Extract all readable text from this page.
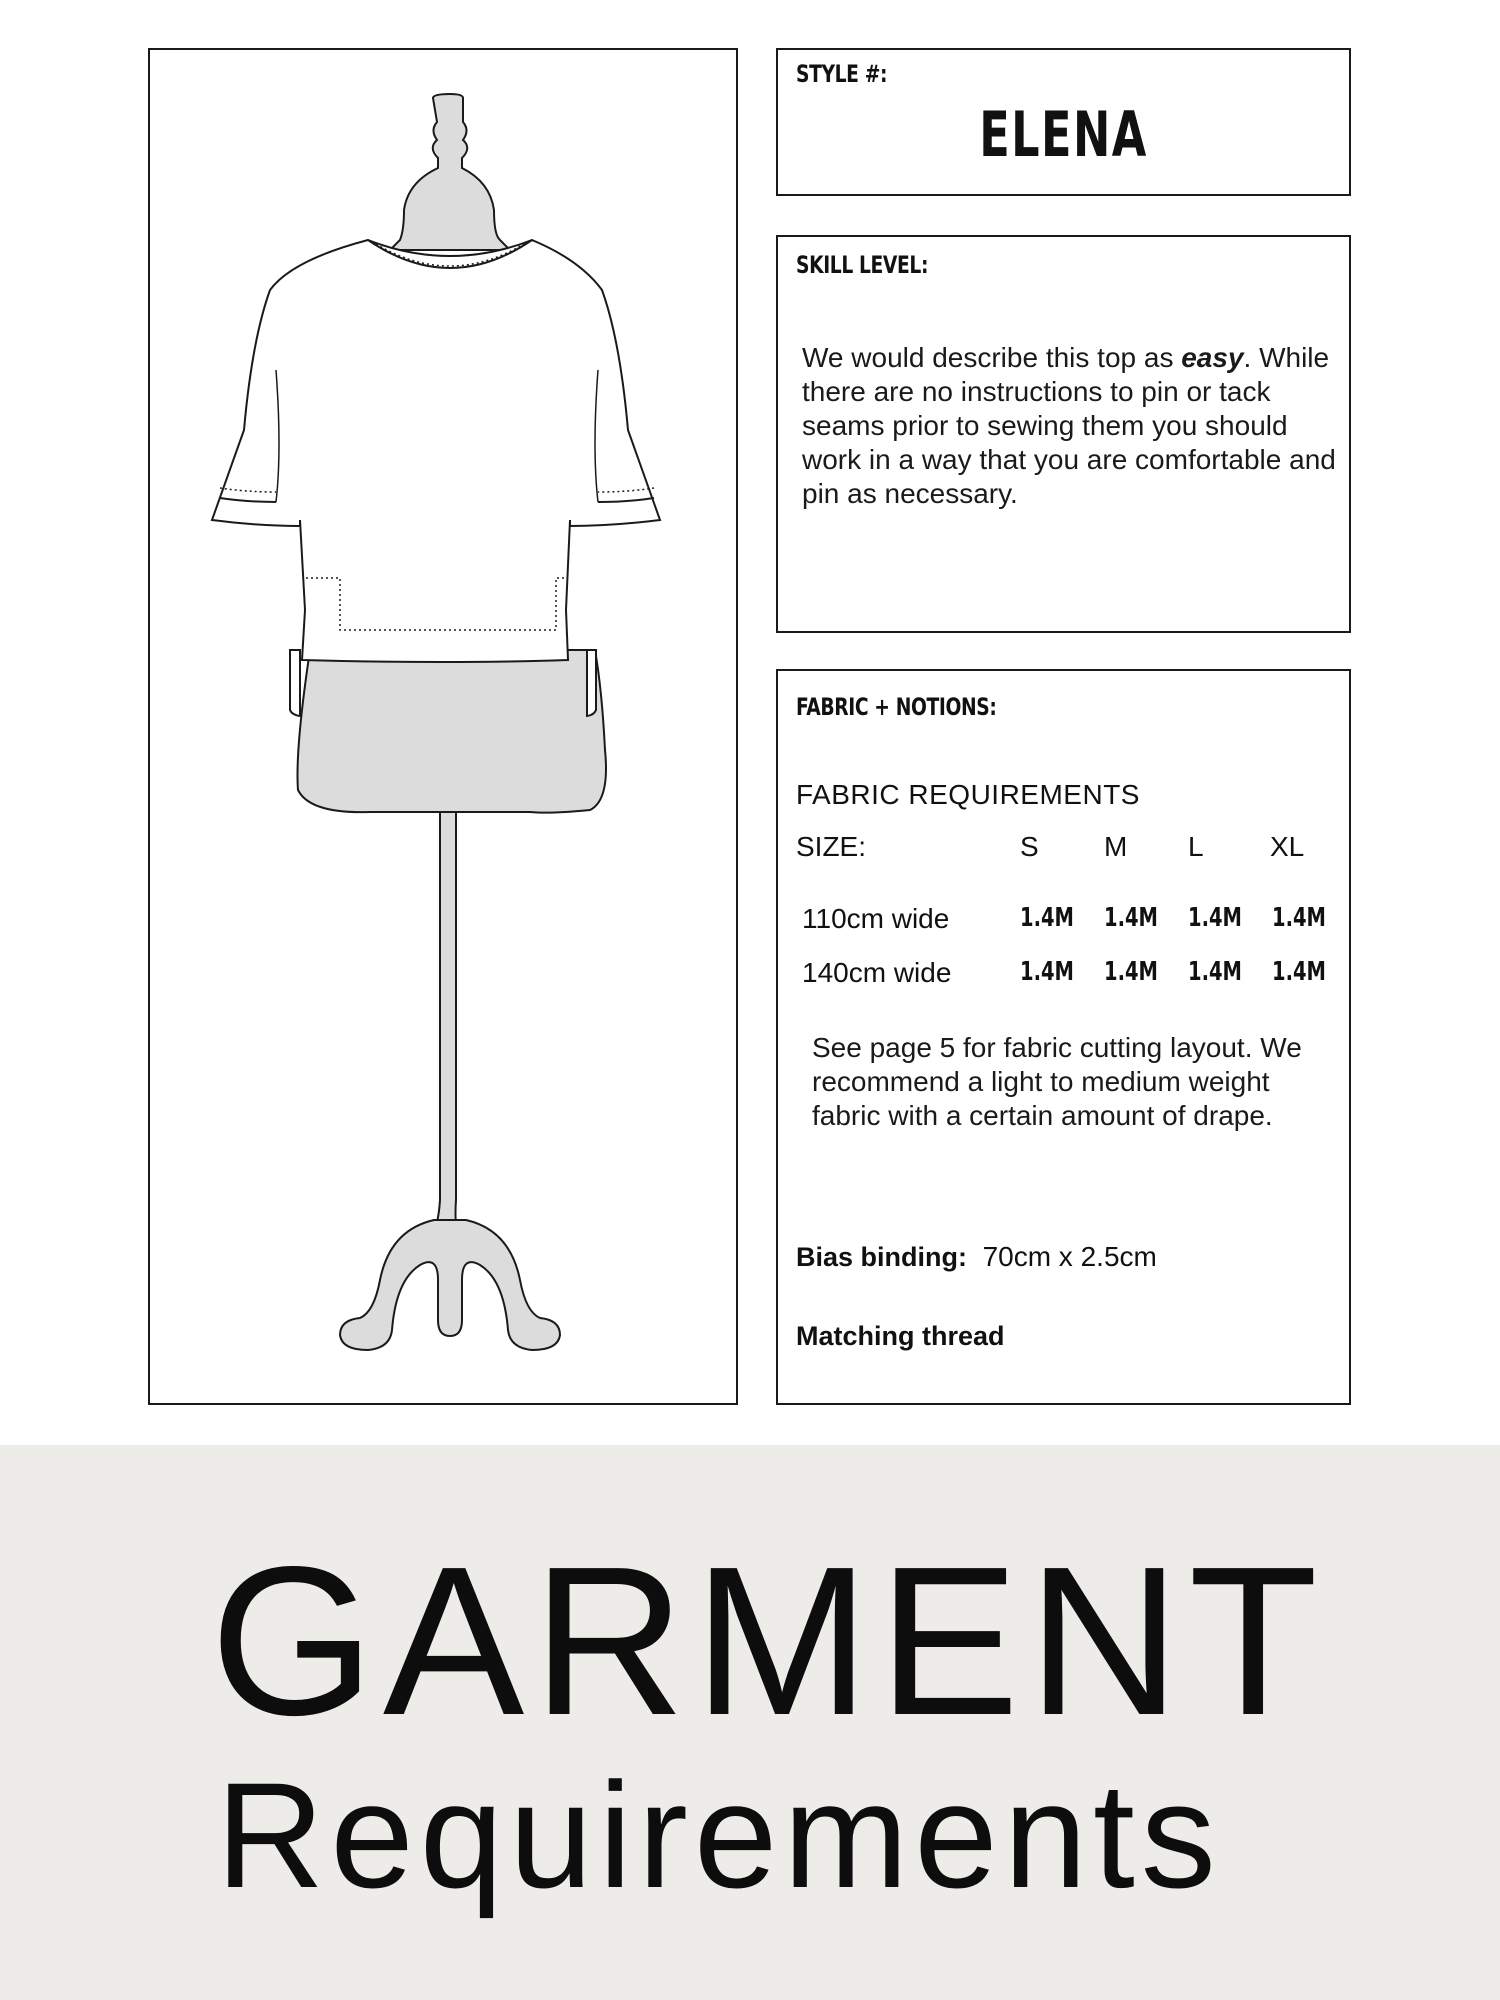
STYLE #:
ELENA
SKILL LEVEL:
We would describe this top as easy. While there are no instructions to pin or tack seams prior to sewing them you should work in a way that you are comfortable and pin as necessary.
FABRIC + NOTIONS:
FABRIC REQUIREMENTS
SIZE:	S M L XL
110cm wide	1.4M 1.4M 1.4M 1.4M
140cm wide	1.4M 1.4M 1.4M 1.4M
See page 5 for fabric cutting layout. We recommend a light to medium weight fabric with a certain amount of drape.
Bias binding: 70cm x 2.5cm
Matching thread
GARMENT
Requirements
